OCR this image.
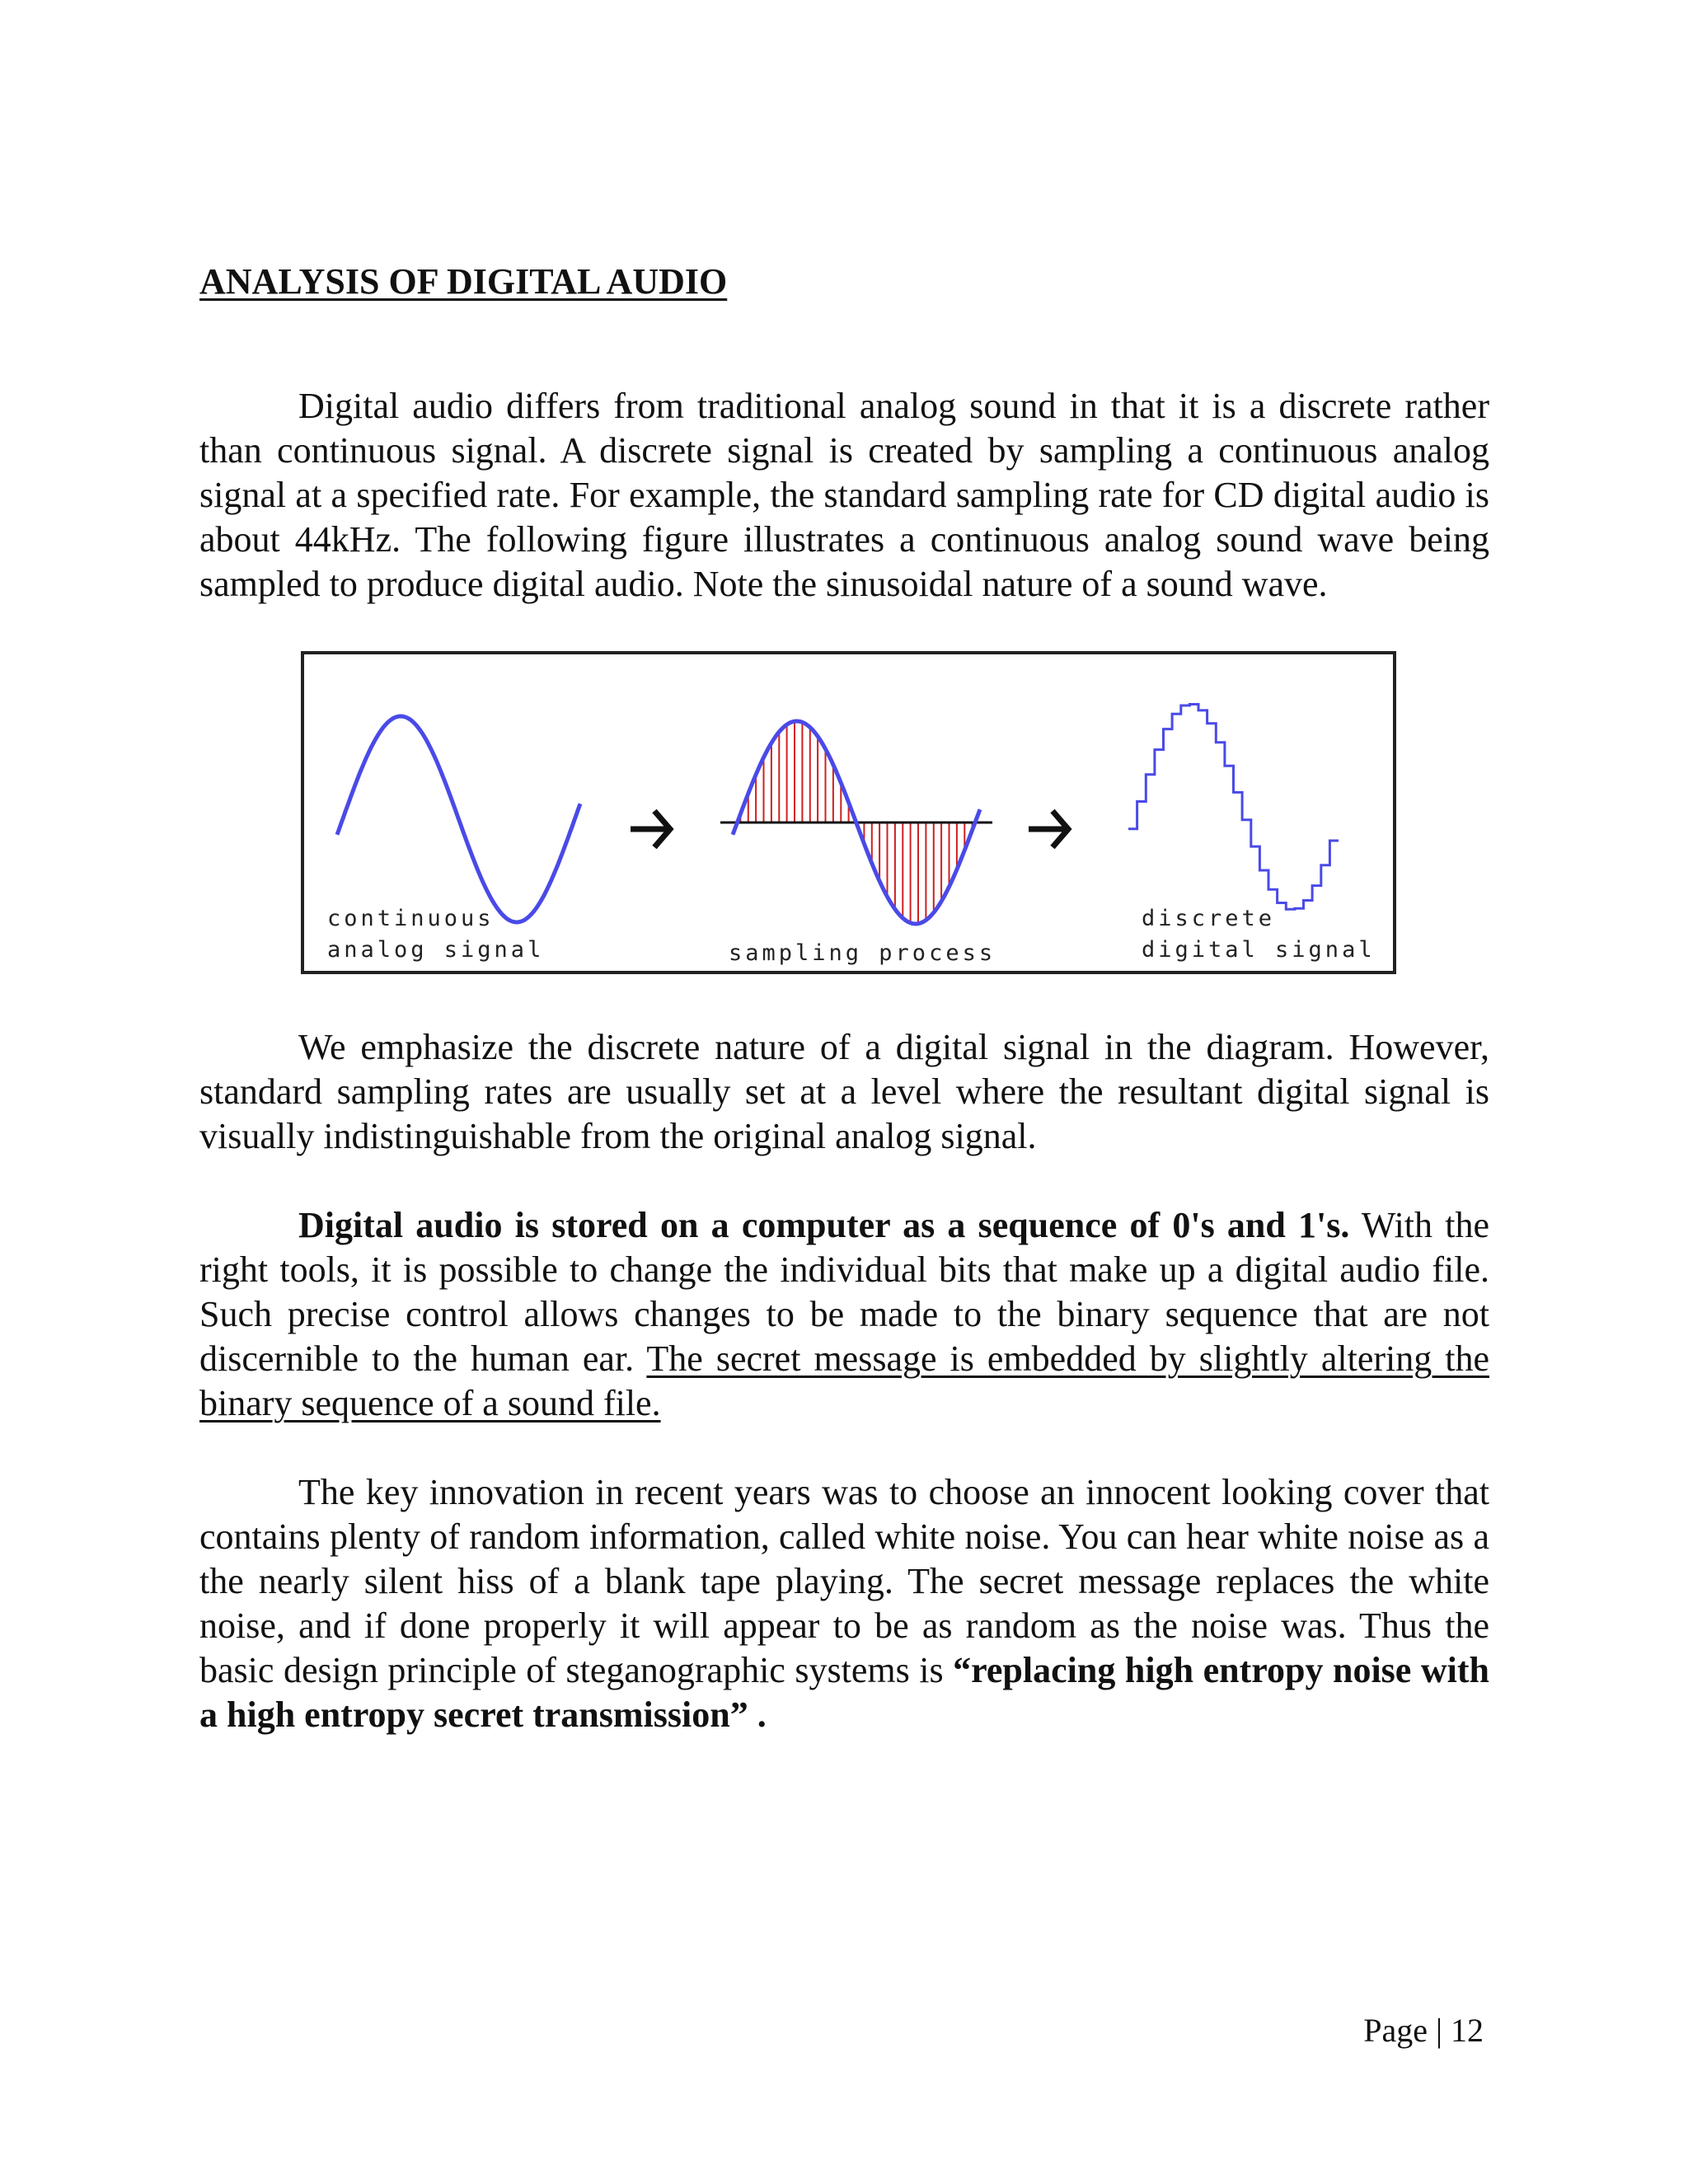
ANALYSIS OF DIGITAL AUDIO

Digital audio differs from traditional analog sound in that it is a discrete rather than continuous signal. A discrete signal is created by sampling a continuous analog signal at a specified rate. For example, the standard sampling rate for CD digital audio is about 44kHz. The following figure illustrates a continuous analog sound wave being sampled to produce digital audio. Note the sinusoidal nature of a sound wave.

continuous
analog signal	sampling process
discrete
digital signal

We emphasize the discrete nature of a digital signal in the diagram. However, standard sampling rates are usually set at a level where the resultant digital signal is visually indistinguishable from the original analog signal.

Digital audio is stored on a computer as a sequence of 0's and 1's. With the right tools, it is possible to change the individual bits that make up a digital audio file. Such precise control allows changes to be made to the binary sequence that are not discernible to the human ear. The secret message is embedded by slightly altering the binary sequence of a sound file.

The key innovation in recent years was to choose an innocent looking cover that contains plenty of random information, called white noise. You can hear white noise as a the nearly silent hiss of a blank tape playing. The secret message replaces the white noise, and if done properly it will appear to be as random as the noise was. Thus the basic design principle of steganographic systems is “replacing high entropy noise with a high entropy secret transmission” .

Page | 12
